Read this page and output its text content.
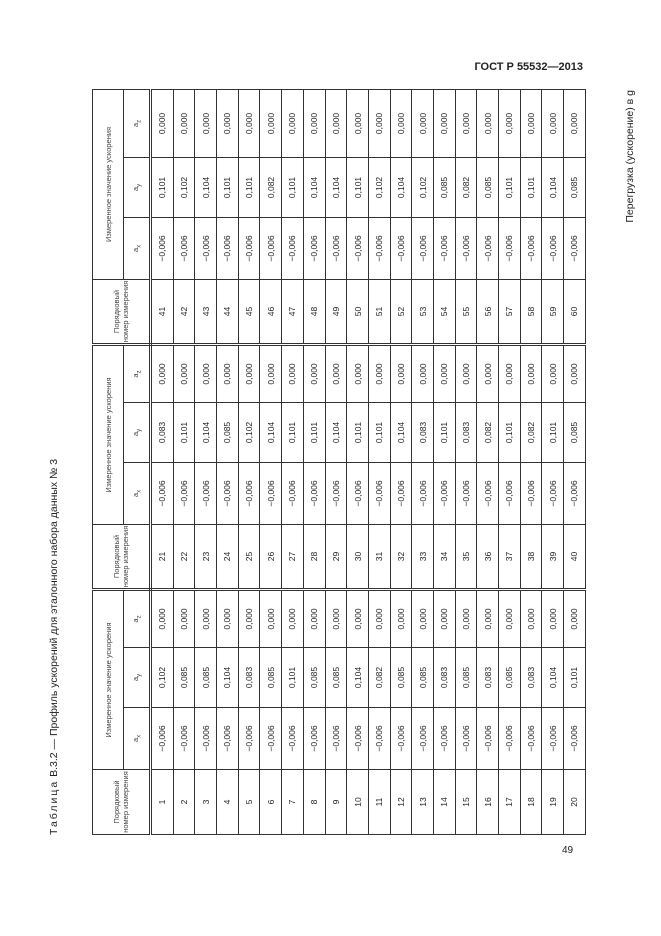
ГОСТ Р 55532—2013
Таблица В.3.2 — Профиль ускорений для эталонного набора данных № 3
Порядковый номер измерения	Измеренное значение ускорения			Порядковый номер измерения	Измеренное значение ускорения			Порядковый номер измерения	Измеренное значение ускорения		
	$a_x$	$a_y$	$a_z$		$a_x$	$a_y$	$a_z$		$a_x$	$a_y$	$a_z$
1	−0,006	0,102	0,000	21	−0,006	0,083	0,000	41	−0,006	0,101	0,000
2	−0,006	0,085	0,000	22	−0,006	0,101	0,000	42	−0,006	0,102	0,000
3	−0,006	0,085	0,000	23	−0,006	0,104	0,000	43	−0,006	0,104	0,000
4	−0,006	0,104	0,000	24	−0,006	0,085	0,000	44	−0,006	0,101	0,000
5	−0,006	0,083	0,000	25	−0,006	0,102	0,000	45	−0,006	0,101	0,000
6	−0,006	0,085	0,000	26	−0,006	0,104	0,000	46	−0,006	0,082	0,000
7	−0,006	0,101	0,000	27	−0,006	0,101	0,000	47	−0,006	0,101	0,000
8	−0,006	0,085	0,000	28	−0,006	0,101	0,000	48	−0,006	0,104	0,000
9	−0,006	0,085	0,000	29	−0,006	0,104	0,000	49	−0,006	0,104	0,000
10	−0,006	0,104	0,000	30	−0,006	0,101	0,000	50	−0,006	0,101	0,000
11	−0,006	0,082	0,000	31	−0,006	0,101	0,000	51	−0,006	0,102	0,000
12	−0,006	0,085	0,000	32	−0,006	0,104	0,000	52	−0,006	0,104	0,000
13	−0,006	0,085	0,000	33	−0,006	0,083	0,000	53	−0,006	0,102	0,000
14	−0,006	0,083	0,000	34	−0,006	0,101	0,000	54	−0,006	0,085	0,000
15	−0,006	0,085	0,000	35	−0,006	0,083	0,000	55	−0,006	0,082	0,000
16	−0,006	0,083	0,000	36	−0,006	0,082	0,000	56	−0,006	0,085	0,000
17	−0,006	0,085	0,000	37	−0,006	0,101	0,000	57	−0,006	0,101	0,000
18	−0,006	0,083	0,000	38	−0,006	0,082	0,000	58	−0,006	0,101	0,000
19	−0,006	0,104	0,000	39	−0,006	0,101	0,000	59	−0,006	0,104	0,000
20	−0,006	0,101	0,000	40	−0,006	0,085	0,000	60	−0,006	0,085	0,000	Перегрузка (ускорение) в g
49
